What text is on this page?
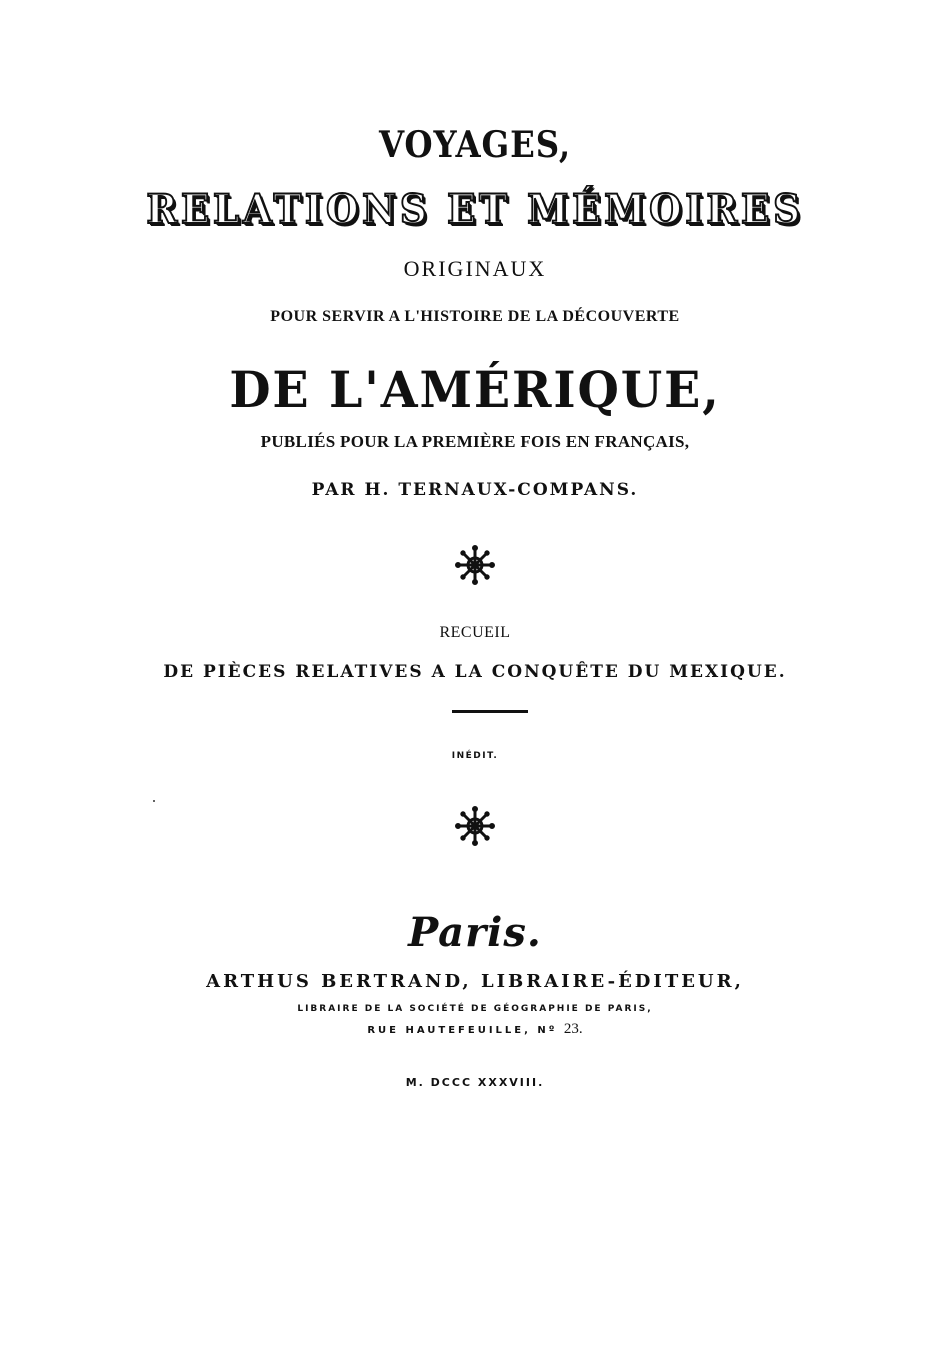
VOYAGES,
RELATIONS ET MÉMOIRES
ORIGINAUX
POUR SERVIR A L'HISTOIRE DE LA DÉCOUVERTE
DE L'AMÉRIQUE,
PUBLIÉS POUR LA PREMIÈRE FOIS EN FRANÇAIS,
PAR H. TERNAUX-COMPANS.
RECUEIL
DE PIÈCES RELATIVES A LA CONQUÊTE DU MEXIQUE.
INÉDIT.
Paris.
ARTHUS BERTRAND, LIBRAIRE-ÉDITEUR,
LIBRAIRE DE LA SOCIÉTÉ DE GÉOGRAPHIE DE PARIS,
RUE HAUTEFEUILLE, Nº 23.
M. DCCC XXXVIII.
